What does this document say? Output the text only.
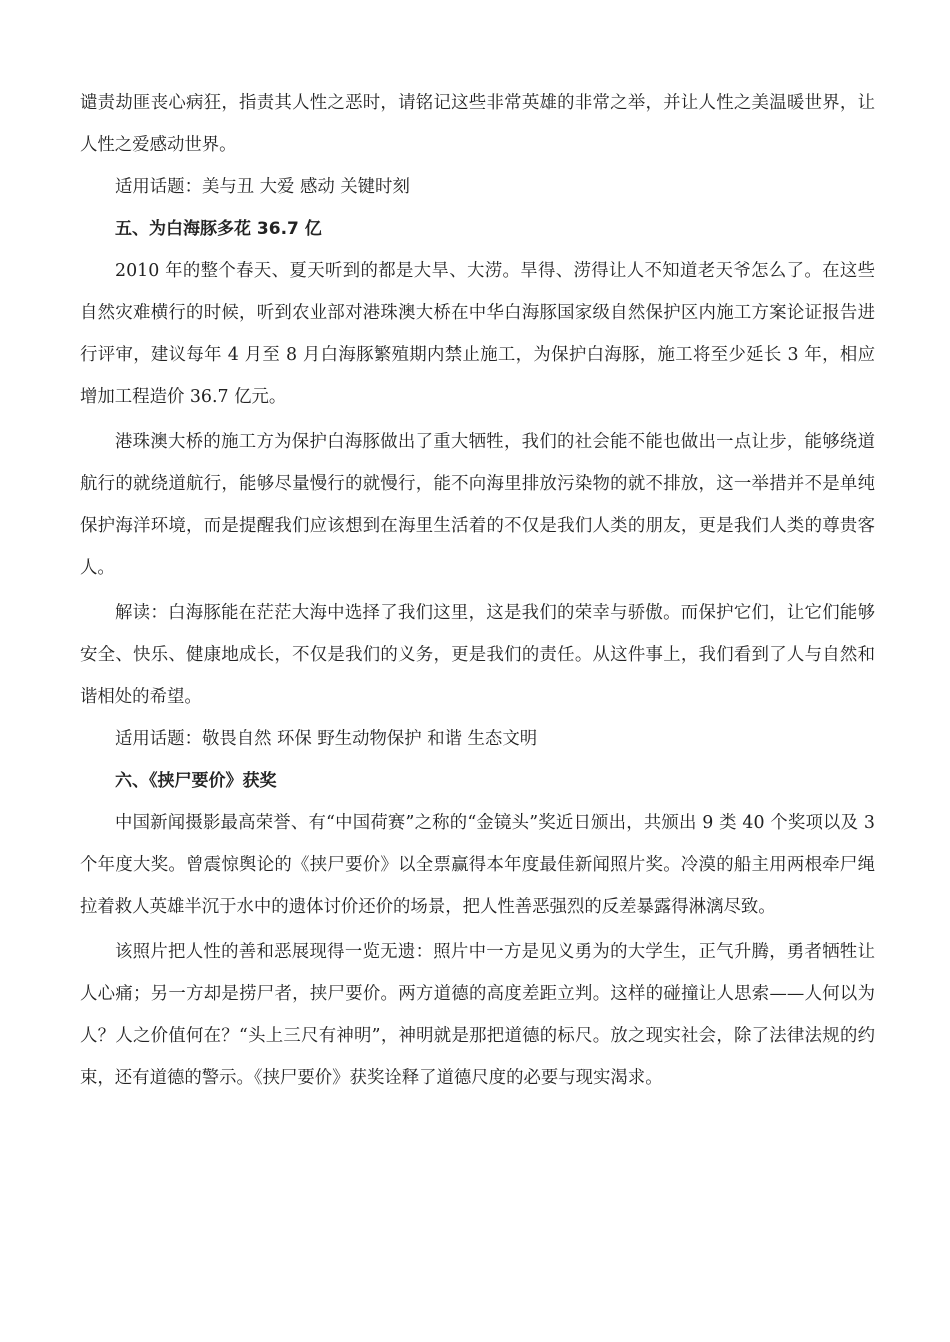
谴责劫匪丧心病狂，指责其人性之恶时，请铭记这些非常英雄的非常之举，并让人性之美温暖世界，让人性之爱感动世界。

适用话题：美与丑 大爱 感动 关键时刻

五、为白海豚多花 36.7 亿

2010 年的整个春天、夏天听到的都是大旱、大涝。旱得、涝得让人不知道老天爷怎么了。在这些自然灾难横行的时候，听到农业部对港珠澳大桥在中华白海豚国家级自然保护区内施工方案论证报告进行评审，建议每年 4 月至 8 月白海豚繁殖期内禁止施工，为保护白海豚，施工将至少延长 3 年，相应增加工程造价 36.7 亿元。

港珠澳大桥的施工方为保护白海豚做出了重大牺牲，我们的社会能不能也做出一点让步，能够绕道航行的就绕道航行，能够尽量慢行的就慢行，能不向海里排放污染物的就不排放，这一举措并不是单纯保护海洋环境，而是提醒我们应该想到在海里生活着的不仅是我们人类的朋友，更是我们人类的尊贵客人。

解读：白海豚能在茫茫大海中选择了我们这里，这是我们的荣幸与骄傲。而保护它们，让它们能够安全、快乐、健康地成长，不仅是我们的义务，更是我们的责任。从这件事上，我们看到了人与自然和谐相处的希望。

适用话题：敬畏自然 环保 野生动物保护 和谐 生态文明

六、《挟尸要价》获奖

中国新闻摄影最高荣誉、有“中国荷赛”之称的“金镜头”奖近日颁出，共颁出 9 类 40 个奖项以及 3 个年度大奖。曾震惊舆论的《挟尸要价》以全票赢得本年度最佳新闻照片奖。冷漠的船主用两根牵尸绳拉着救人英雄半沉于水中的遗体讨价还价的场景，把人性善恶强烈的反差暴露得淋漓尽致。

该照片把人性的善和恶展现得一览无遗：照片中一方是见义勇为的大学生，正气升腾，勇者牺牲让人心痛；另一方却是捞尸者，挟尸要价。两方道德的高度差距立判。这样的碰撞让人思索——人何以为人？人之价值何在？“头上三尺有神明”，神明就是那把道德的标尺。放之现实社会，除了法律法规的约束，还有道德的警示。《挟尸要价》获奖诠释了道德尺度的必要与现实渴求。
